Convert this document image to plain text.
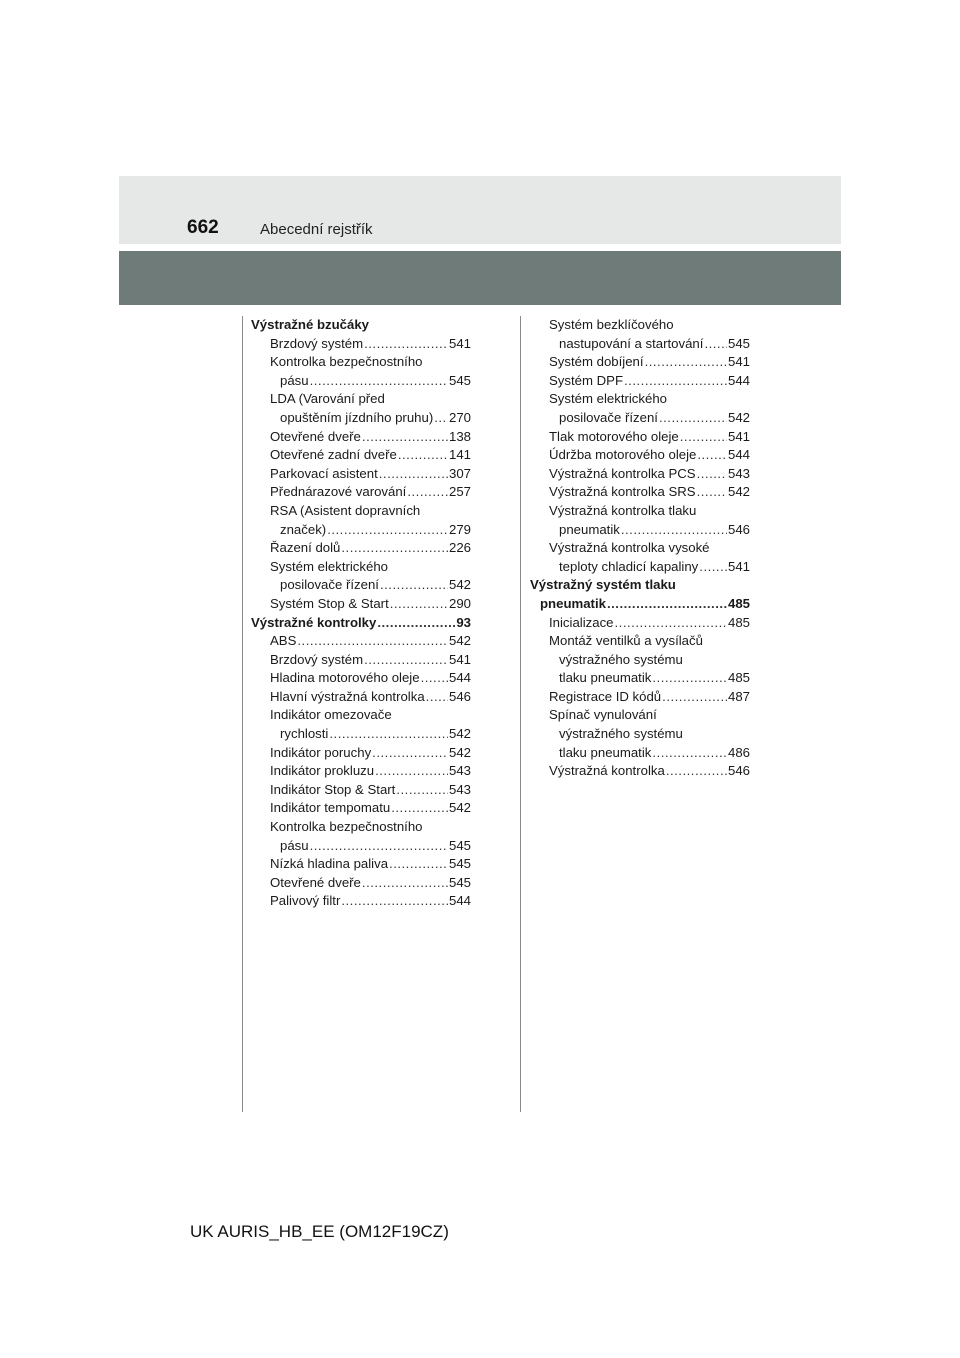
662	Abecední rejstřík
Výstražné bzučáky
Brzdový systém .....	541
Kontrolka bezpečnostního
pásu .....	545
LDA (Varování před
opuštěním jízdního pruhu) ..... 270
Otevřené dveře .....	138
Otevřené zadní dveře .....	141
Parkovací asistent .....	307
Přednárazové varování .....	257
RSA (Asistent dopravních
značek) .....	279
Řazení dolů .....	226
Systém elektrického
posilovače řízení .....	542
Systém Stop & Start .....	290
Výstražné kontrolky .....	93
ABS .....	542
Brzdový systém .....	541
Hladina motorového oleje ..... 544
Hlavní výstražná kontrolka ..... 546
Indikátor omezovače
rychlosti .....	542
Indikátor poruchy .....	542
Indikátor prokluzu .....	543
Indikátor Stop & Start .....	543
Indikátor tempomatu .....	542
Kontrolka bezpečnostního
pásu .....	545
Nízká hladina paliva .....	545
Otevřené dveře .....	545
Palivový filtr .....	544
Systém bezklíčového
nastupování a startování ..... 545
Systém dobíjení .....	541
Systém DPF .....	544
Systém elektrického
posilovače řízení .....	542
Tlak motorového oleje .....	541
Údržba motorového oleje ..... 544
Výstražná kontrolka PCS ..... 543
Výstražná kontrolka SRS ..... 542
Výstražná kontrolka tlaku
pneumatik .....	546
Výstražná kontrolka vysoké
teploty chladicí kapaliny ..... 541
Výstražný systém tlaku
pneumatik .....	485
Inicializace .....	485
Montáž ventilků a vysílačů
výstražného systému
tlaku pneumatik .....	485
Registrace ID kódů .....	487
Spínač vynulování
výstražného systému
tlaku pneumatik .....	486
Výstražná kontrolka .....	546
UK AURIS_HB_EE (OM12F19CZ)
